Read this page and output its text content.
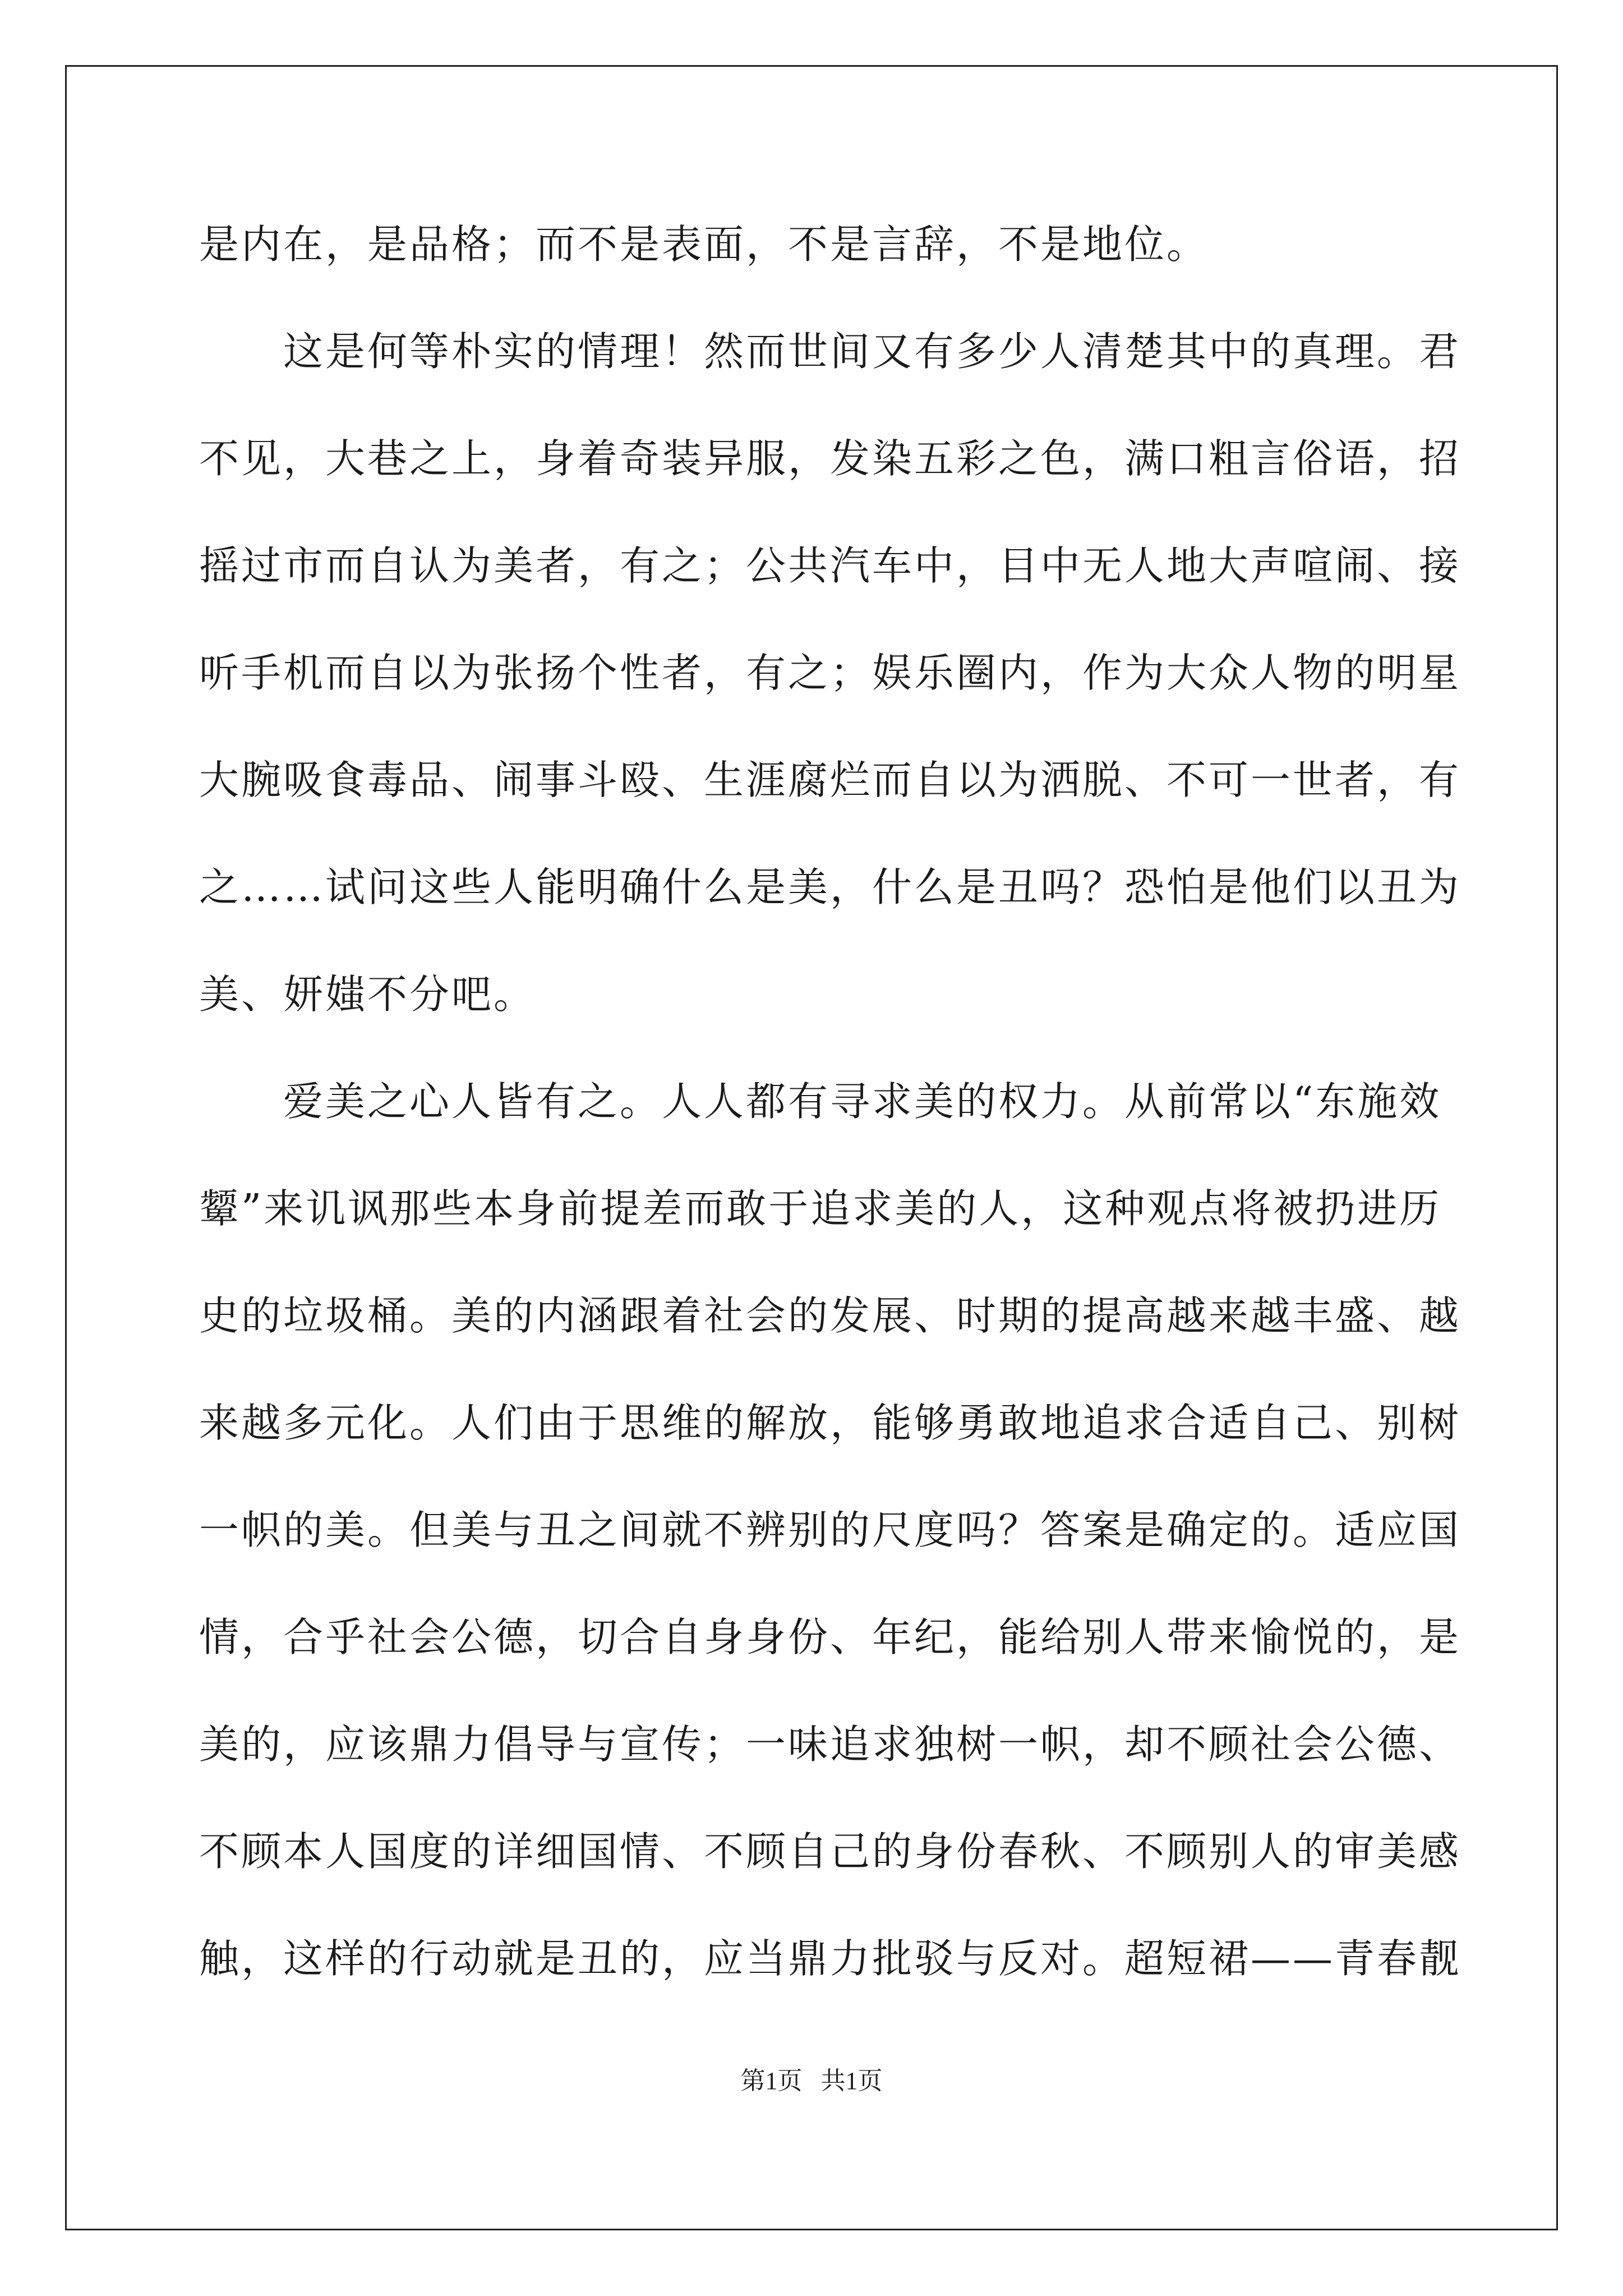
是内在，是品格；而不是表面，不是言辞，不是地位。
这是何等朴实的情理！然而世间又有多少人清楚其中的真理。君
不见，大巷之上，身着奇装异服，发染五彩之色，满口粗言俗语，招
摇过市而自认为美者，有之；公共汽车中，目中无人地大声喧闹、接
听手机而自以为张扬个性者，有之；娱乐圈内，作为大众人物的明星
大腕吸食毒品、闹事斗殴、生涯腐烂而自以为洒脱、不可一世者，有
之……试问这些人能明确什么是美，什么是丑吗？恐怕是他们以丑为
美、妍媸不分吧。
爱美之心人皆有之。人人都有寻求美的权力。从前常以“东施效
颦”来讥讽那些本身前提差而敢于追求美的人，这种观点将被扔进历
史的垃圾桶。美的内涵跟着社会的发展、时期的提高越来越丰盛、越
来越多元化。人们由于思维的解放，能够勇敢地追求合适自己、别树
一帜的美。但美与丑之间就不辨别的尺度吗？答案是确定的。适应国
情，合乎社会公德，切合自身身份、年纪，能给别人带来愉悦的，是
美的，应该鼎力倡导与宣传；一味追求独树一帜，却不顾社会公德、
不顾本人国度的详细国情、不顾自己的身份春秋、不顾别人的审美感
触，这样的行动就是丑的，应当鼎力批驳与反对。超短裙——青春靓
第1页 共1页
